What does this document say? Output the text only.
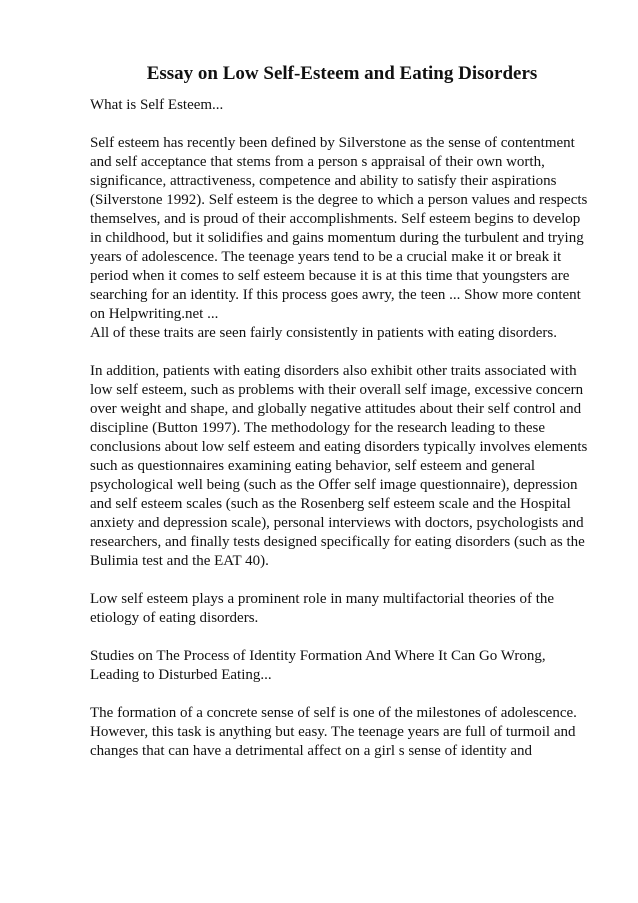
Essay on Low Self-Esteem and Eating Disorders

What is Self Esteem...

Self esteem has recently been defined by Silverstone as the sense of contentment and self acceptance that stems from a person s appraisal of their own worth, significance, attractiveness, competence and ability to satisfy their aspirations (Silverstone 1992). Self esteem is the degree to which a person values and respects themselves, and is proud of their accomplishments. Self esteem begins to develop in childhood, but it solidifies and gains momentum during the turbulent and trying years of adolescence. The teenage years tend to be a crucial make it or break it period when it comes to self esteem because it is at this time that youngsters are searching for an identity. If this process goes awry, the teen ... Show more content on Helpwriting.net ...

All of these traits are seen fairly consistently in patients with eating disorders.

In addition, patients with eating disorders also exhibit other traits associated with low self esteem, such as problems with their overall self image, excessive concern over weight and shape, and globally negative attitudes about their self control and discipline (Button 1997). The methodology for the research leading to these conclusions about low self esteem and eating disorders typically involves elements such as questionnaires examining eating behavior, self esteem and general psychological well being (such as the Offer self image questionnaire), depression and self esteem scales (such as the Rosenberg self esteem scale and the Hospital anxiety and depression scale), personal interviews with doctors, psychologists and researchers, and finally tests designed specifically for eating disorders (such as the Bulimia test and the EAT 40).

Low self esteem plays a prominent role in many multifactorial theories of the etiology of eating disorders.

Studies on The Process of Identity Formation And Where It Can Go Wrong, Leading to Disturbed Eating...

The formation of a concrete sense of self is one of the milestones of adolescence. However, this task is anything but easy. The teenage years are full of turmoil and changes that can have a detrimental affect on a girl s sense of identity and
